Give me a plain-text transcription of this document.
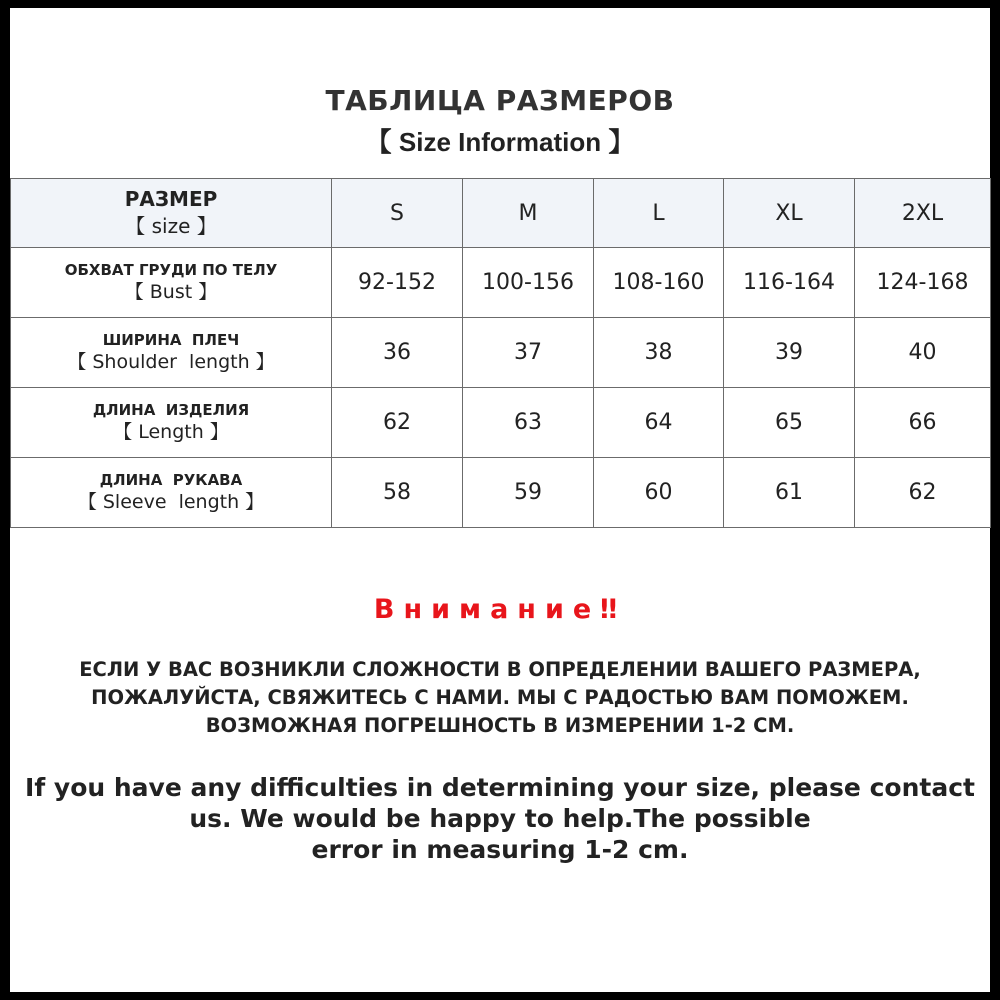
ТАБЛИЦА РАЗМЕРОВ
【 Size Information 】
РАЗМЕР
【 size 】	S	M	L	XL	2XL

ОБХВАТ ГРУДИ ПО ТЕЛУ
【 Bust 】	92-152	100-156	108-160	116-164	124-168

ШИРИНА  ПЛЕЧ
【 Shoulder  length 】	36	37	38	39	40

ДЛИНА  ИЗДЕЛИЯ
【 Length 】	62	63	64	65	66

ДЛИНА  РУКАВА
【 Sleeve  length 】	58	59	60	61	62
Внимание‼
ЕСЛИ У ВАС ВОЗНИКЛИ СЛОЖНОСТИ В ОПРЕДЕЛЕНИИ ВАШЕГО РАЗМЕРА,
ПОЖАЛУЙСТА, СВЯЖИТЕСЬ С НАМИ. МЫ С РАДОСТЬЮ ВАМ ПОМОЖЕМ.
ВОЗМОЖНАЯ ПОГРЕШНОСТЬ В ИЗМЕРЕНИИ 1-2 СМ.
If you have any difficulties in determining your size, please contact
us. We would be happy to help.The possible
error in measuring 1-2 cm.
